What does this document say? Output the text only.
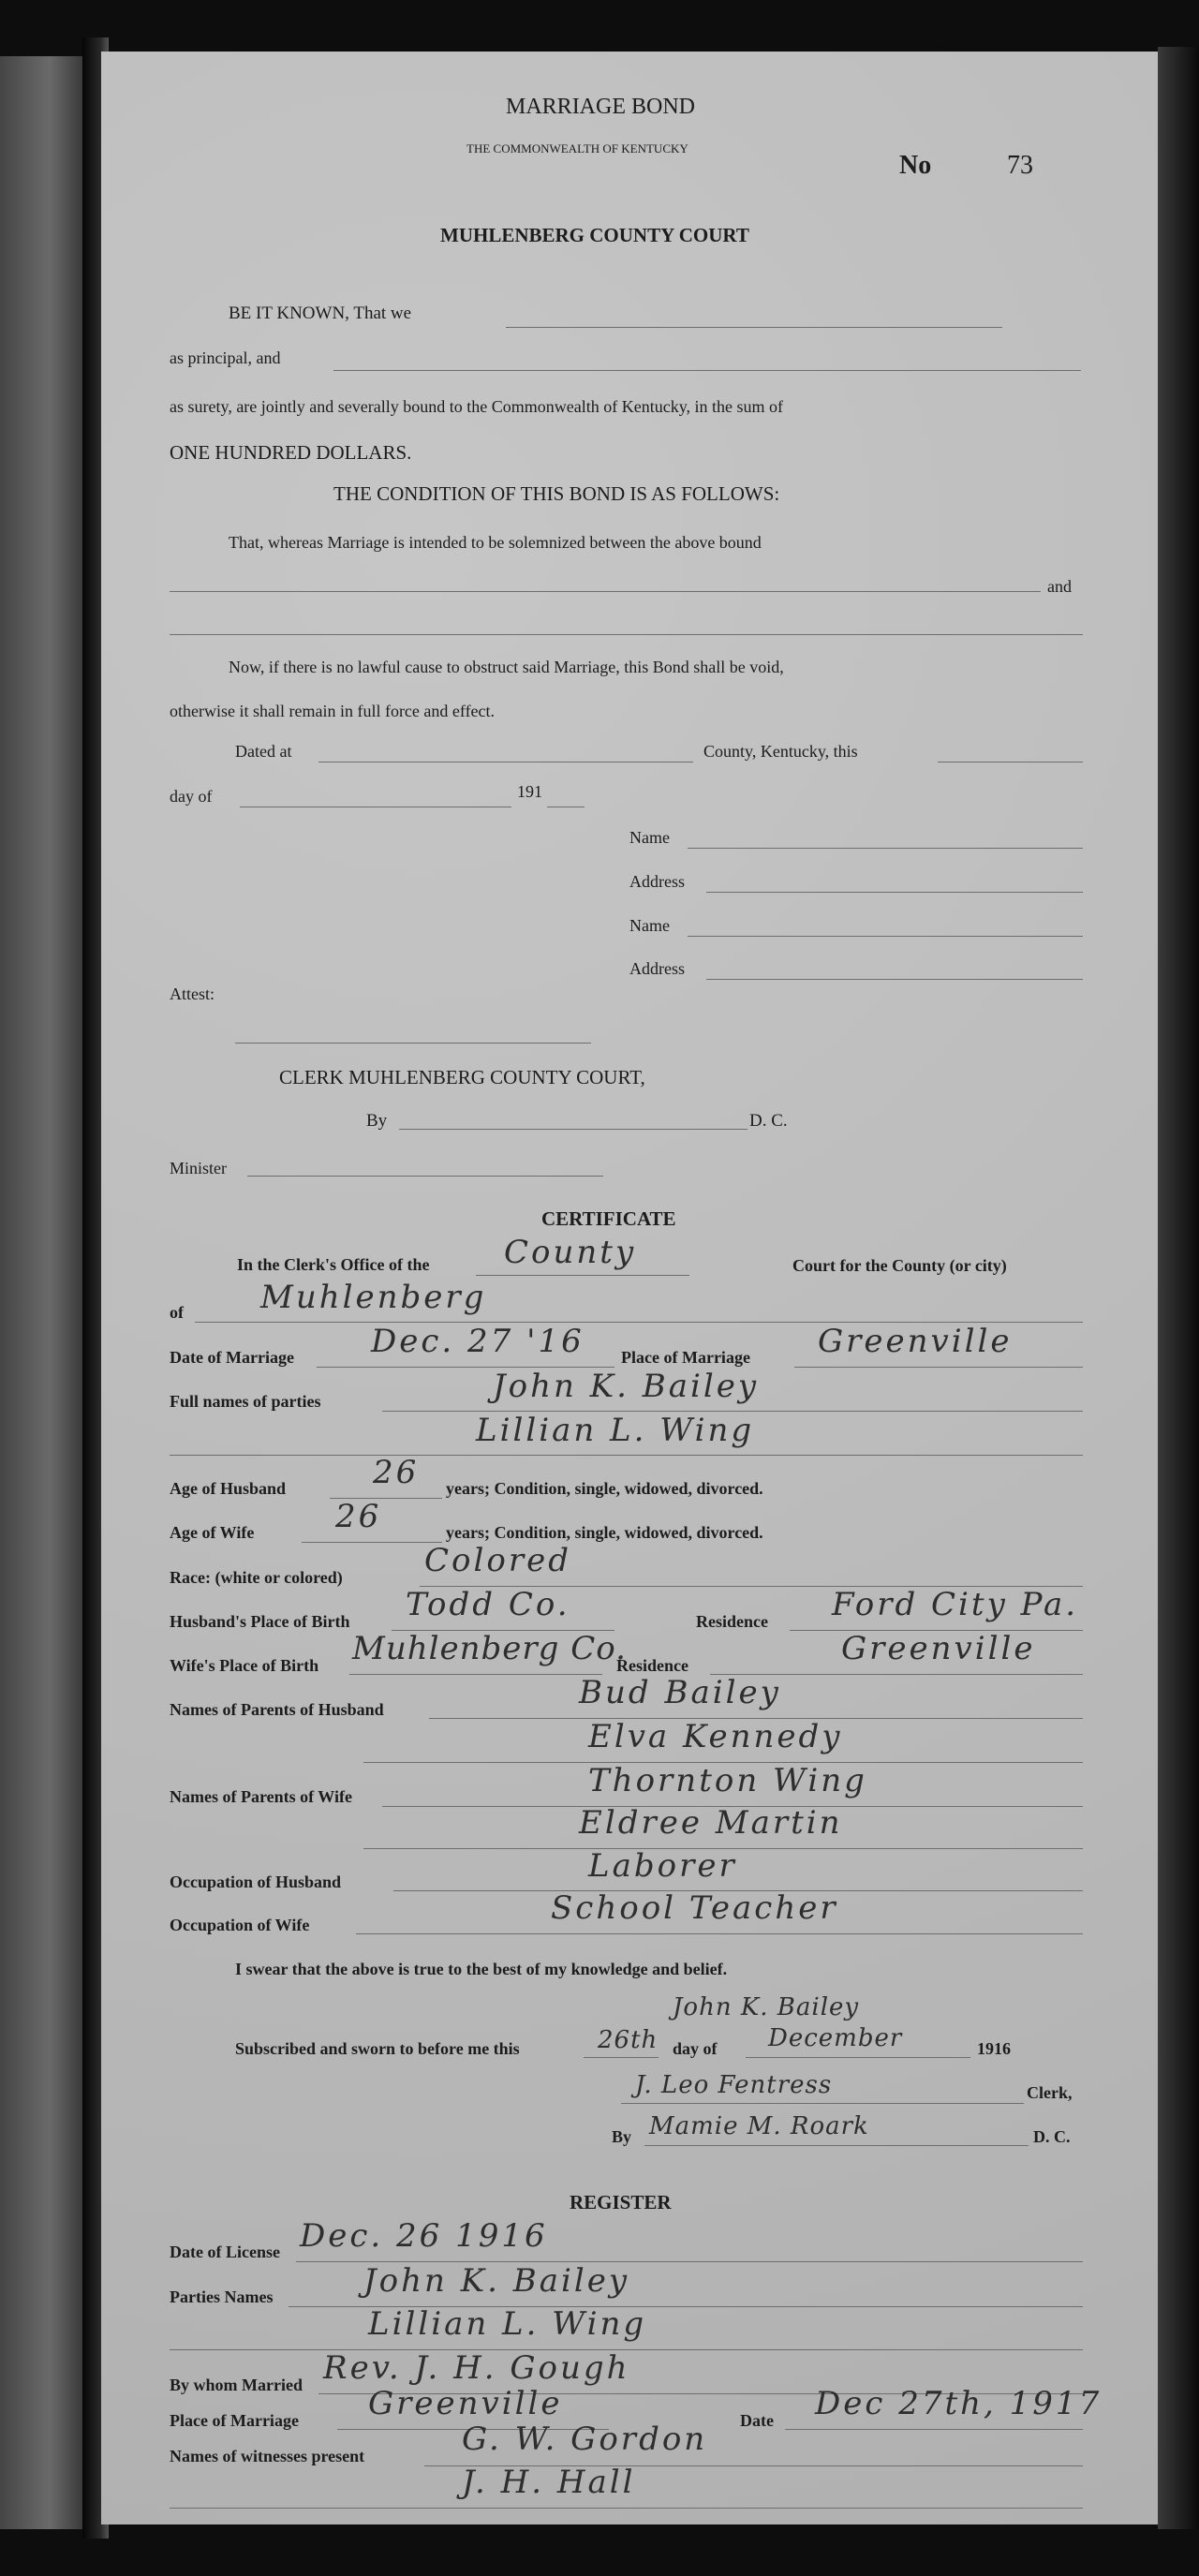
MARRIAGE BOND
THE COMMONWEALTH OF KENTUCKY
No	73
MUHLENBERG COUNTY COURT
BE IT KNOWN, That we
as principal, and
as surety, are jointly and severally bound to the Commonwealth of Kentucky, in the sum of
ONE HUNDRED DOLLARS.
THE CONDITION OF THIS BOND IS AS FOLLOWS:
That, whereas Marriage is intended to be solemnized between the above bound
and
Now, if there is no lawful cause to obstruct said Marriage, this Bond shall be void,
otherwise it shall remain in full force and effect.
Dated at	County, Kentucky, this
day of	191
Name
Address
Name
Address
Attest:
CLERK MUHLENBERG COUNTY COURT,
By	D. C.
Minister
CERTIFICATE
In the Clerk's Office of the County	Court for the County (or city)
of Muhlenberg
Date of Marriage Dec. 27 '16 Place of Marriage Greenville
Full names of parties	John K. Bailey
Lillian L. Wing
Age of Husband	26 years; Condition, single, widowed, divorced.
Age of Wife	26	years; Condition, single, widowed, divorced.
Race: (white or colored)	Colored
Husband's Place of Birth Todd Co.	Residence Ford City Pa.
Wife's Place of Birth Muhlenberg Co.
Residence	Greenville
Names of Parents of Husband	Bud Bailey
Elva Kennedy
Names of Parents of Wife	Thornton Wing
Eldree Martin
Occupation of Husband	Laborer
Occupation of Wife	School Teacher
I swear that the above is true to the best of my knowledge and belief.
John K. Bailey
Subscribed and sworn to before me this	26th day of December	1916
J. Leo Fentress	Clerk,
By Mamie M. Roark	D. C.
REGISTER
Date of License Dec. 26 1916
Parties Names	John K. Bailey
Lillian L. Wing
By whom Married Rev. J. H. Gough
Place of Marriage Greenville	Date Dec 27th, 1917
Names of witnesses present	G. W. Gordon
J. H. Hall
